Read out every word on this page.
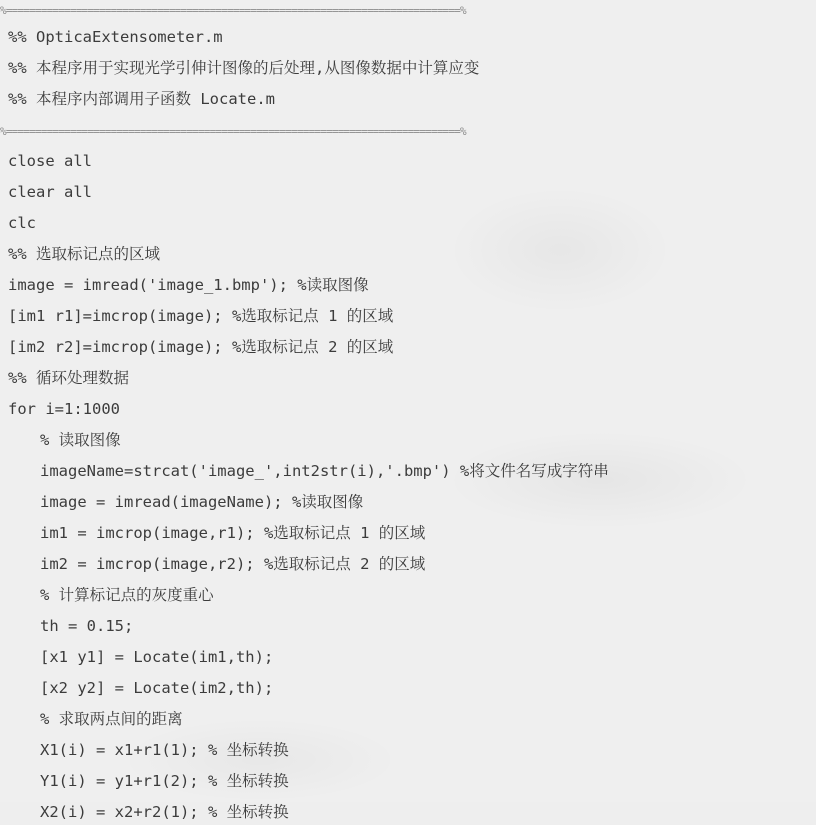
%==============================================================================%
%% OpticaExtensometer.m
%% 本程序用于实现光学引伸计图像的后处理,从图像数据中计算应变
%% 本程序内部调用子函数 Locate.m
%==============================================================================%
close all
clear all
clc
%% 选取标记点的区域
image = imread('image_1.bmp'); %读取图像
[im1 r1]=imcrop(image); %选取标记点 1 的区域
[im2 r2]=imcrop(image); %选取标记点 2 的区域
%% 循环处理数据
for i=1:1000
% 读取图像
imageName=strcat('image_',int2str(i),'.bmp') %将文件名写成字符串
image = imread(imageName); %读取图像
im1 = imcrop(image,r1); %选取标记点 1 的区域
im2 = imcrop(image,r2); %选取标记点 2 的区域
% 计算标记点的灰度重心
th = 0.15;
[x1 y1] = Locate(im1,th);
[x2 y2] = Locate(im2,th);
% 求取两点间的距离
X1(i) = x1+r1(1); % 坐标转换
Y1(i) = y1+r1(2); % 坐标转换
X2(i) = x2+r2(1); % 坐标转换
